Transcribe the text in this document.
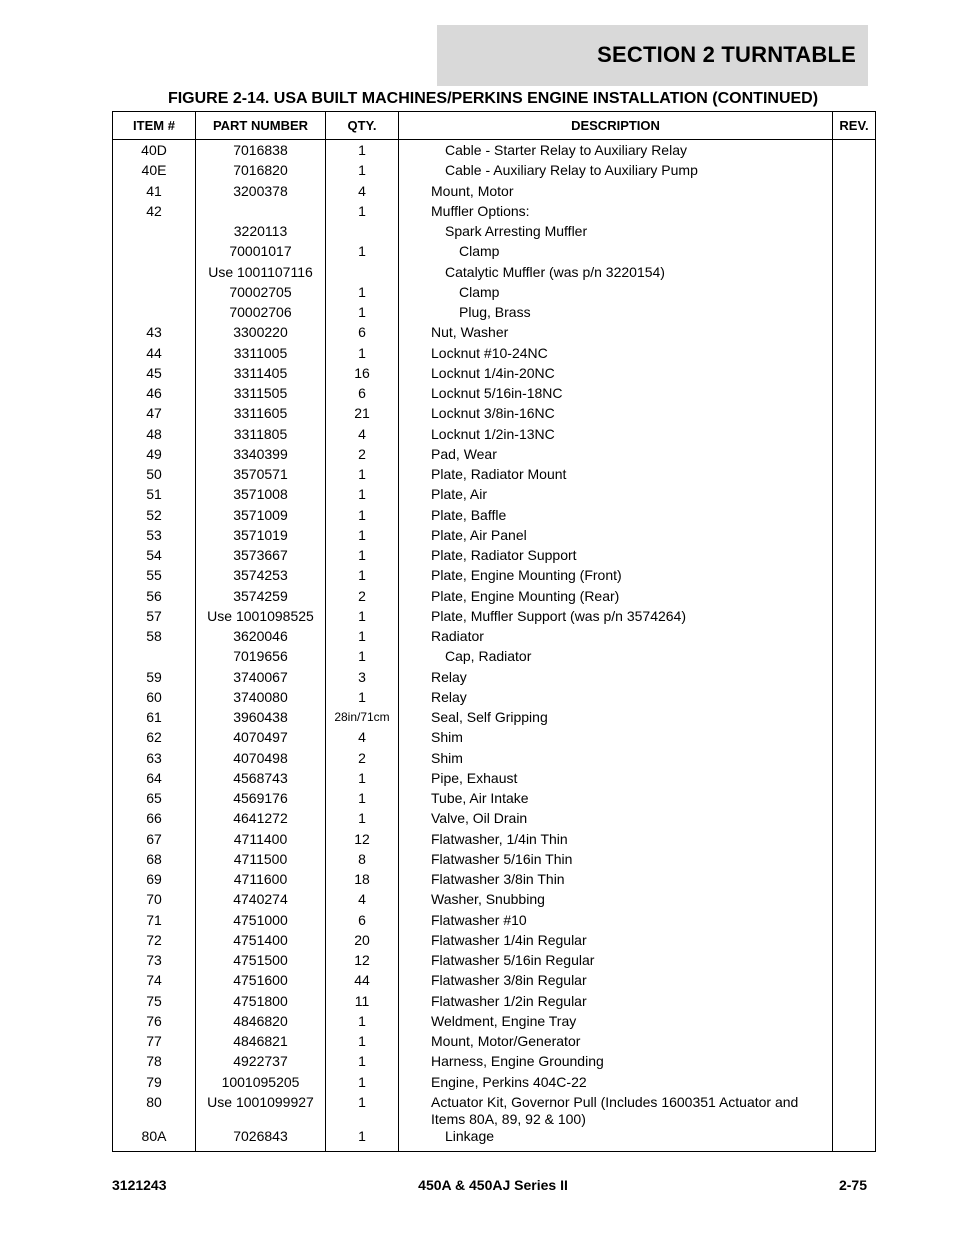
SECTION 2 TURNTABLE
FIGURE 2-14. USA BUILT MACHINES/PERKINS ENGINE INSTALLATION (CONTINUED)
ITEM #	PART NUMBER	QTY.	DESCRIPTION	REV.
40D	7016838	1	Cable - Starter Relay to Auxiliary Relay	
40E	7016820	1	Cable - Auxiliary Relay to Auxiliary Pump	
41	3200378	4	Mount, Motor	
42		1	Muffler Options:	
	3220113		Spark Arresting Muffler	
	70001017	1	Clamp	
	Use 1001107116		Catalytic Muffler (was p/n 3220154)	
	70002705	1	Clamp	
	70002706	1	Plug, Brass	
43	3300220	6	Nut, Washer	
44	3311005	1	Locknut #10-24NC	
45	3311405	16	Locknut 1/4in-20NC	
46	3311505	6	Locknut 5/16in-18NC	
47	3311605	21	Locknut 3/8in-16NC	
48	3311805	4	Locknut 1/2in-13NC	
49	3340399	2	Pad, Wear	
50	3570571	1	Plate, Radiator Mount	
51	3571008	1	Plate, Air	
52	3571009	1	Plate, Baffle	
53	3571019	1	Plate, Air Panel	
54	3573667	1	Plate, Radiator Support	
55	3574253	1	Plate, Engine Mounting (Front)	
56	3574259	2	Plate, Engine Mounting (Rear)	
57	Use 1001098525	1	Plate, Muffler Support (was p/n 3574264)	
58	3620046	1	Radiator	
	7019656	1	Cap, Radiator	
59	3740067	3	Relay	
60	3740080	1	Relay	
61	3960438	28in/71cm	Seal, Self Gripping	
62	4070497	4	Shim	
63	4070498	2	Shim	
64	4568743	1	Pipe, Exhaust	
65	4569176	1	Tube, Air Intake	
66	4641272	1	Valve, Oil Drain	
67	4711400	12	Flatwasher, 1/4in Thin	
68	4711500	8	Flatwasher 5/16in Thin	
69	4711600	18	Flatwasher 3/8in Thin	
70	4740274	4	Washer, Snubbing	
71	4751000	6	Flatwasher #10	
72	4751400	20	Flatwasher 1/4in Regular	
73	4751500	12	Flatwasher 5/16in Regular	
74	4751600	44	Flatwasher 3/8in Regular	
75	4751800	11	Flatwasher 1/2in Regular	
76	4846820	1	Weldment, Engine Tray	
77	4846821	1	Mount, Motor/Generator	
78	4922737	1	Harness, Engine Grounding	
79	1001095205	1	Engine, Perkins 404C-22	
80	Use 1001099927	1	Actuator Kit, Governor Pull (Includes 1600351 Actuator and Items 80A, 89, 92 & 100)	
80A	7026843	1	Linkage	
3121243	450A & 450AJ Series II	2-75
